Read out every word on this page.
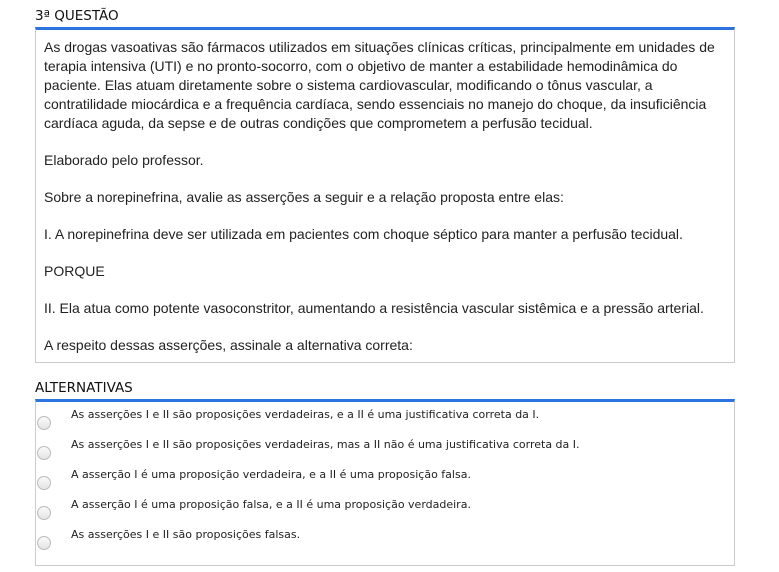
3ª QUESTÃO

As drogas vasoativas são fármacos utilizados em situações clínicas críticas, principalmente em unidades de terapia intensiva (UTI) e no pronto-socorro, com o objetivo de manter a estabilidade hemodinâmica do paciente. Elas atuam diretamente sobre o sistema cardiovascular, modificando o tônus vascular, a contratilidade miocárdica e a frequência cardíaca, sendo essenciais no manejo do choque, da insuficiência cardíaca aguda, da sepse e de outras condições que comprometem a perfusão tecidual.

Elaborado pelo professor.

Sobre a norepinefrina, avalie as asserções a seguir e a relação proposta entre elas:

I. A norepinefrina deve ser utilizada em pacientes com choque séptico para manter a perfusão tecidual.

PORQUE

II. Ela atua como potente vasoconstritor, aumentando a resistência vascular sistêmica e a pressão arterial.

A respeito dessas asserções, assinale a alternativa correta:

ALTERNATIVAS
As asserções I e II são proposições verdadeiras, e a II é uma justificativa correta da I.
As asserções I e II são proposições verdadeiras, mas a II não é uma justificativa correta da I.
A asserção I é uma proposição verdadeira, e a II é uma proposição falsa.
A asserção I é uma proposição falsa, e a II é uma proposição verdadeira.
As asserções I e II são proposições falsas.
